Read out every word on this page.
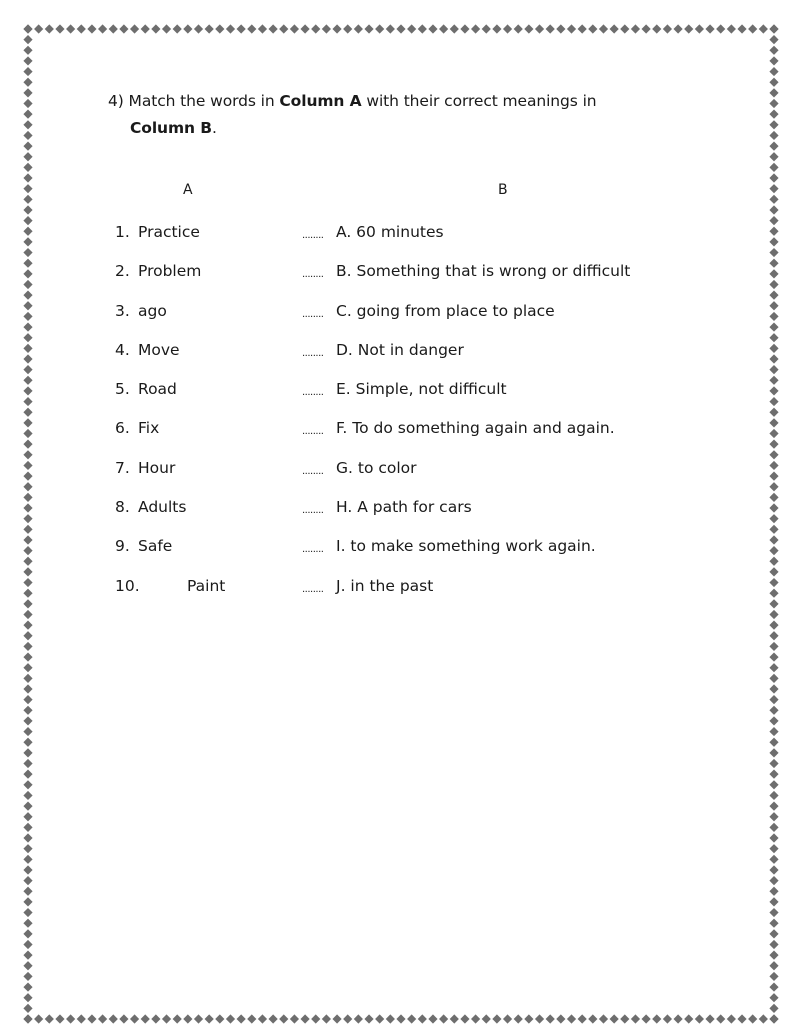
4) Match the words in Column A with their correct meanings in
Column B.
A	B
1. Practice	........ A. 60 minutes
2. Problem	........ B. Something that is wrong or difficult
3. ago	........ C. going from place to place
4. Move	........ D. Not in danger
5. Road	........ E. Simple, not difficult
6. Fix	........ F. To do something again and again.
7. Hour	........ G. to color
8. Adults	........ H. A path for cars
9. Safe	........ I. to make something work again.
10.	Paint	........ J. in the past
